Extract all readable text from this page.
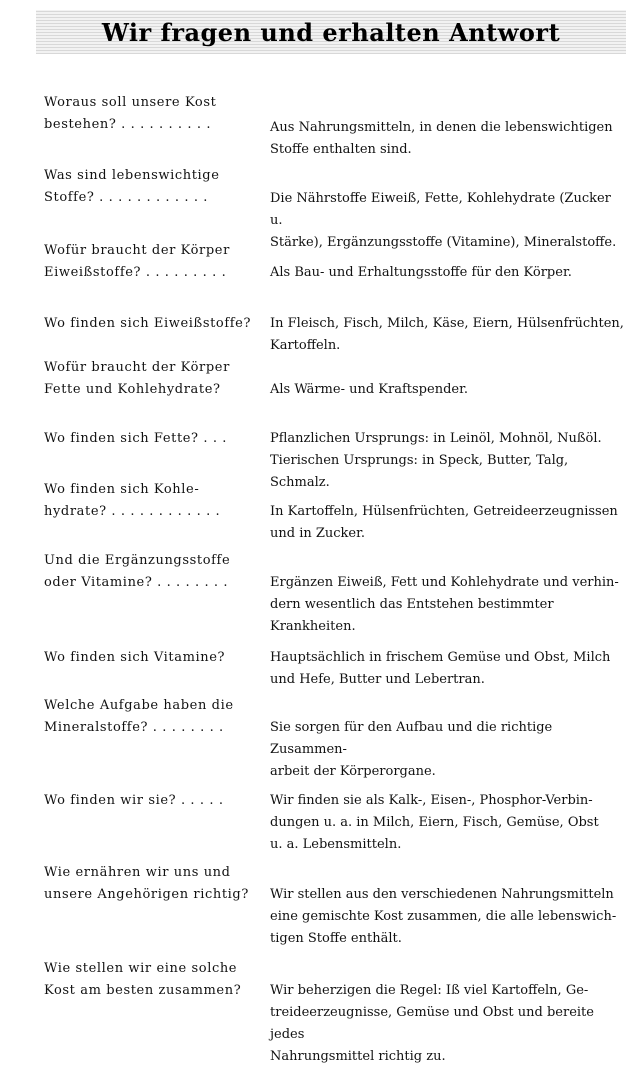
Wir fragen und erhalten Antwort
Woraus soll unsere Kost
bestehen? . . . . . . . . . .	Aus Nahrungsmitteln, in denen die lebenswichtigen
Stoffe enthalten sind.
Was sind lebenswichtige
Stoffe? . . . . . . . . . . . .	Die Nährstoffe Eiweiß, Fette, Kohlehydrate (Zucker u.
Stärke), Ergänzungsstoffe (Vitamine), Mineralstoffe.
Wofür braucht der Körper
Eiweißstoffe? . . . . . . . . .	Als Bau- und Erhaltungsstoffe für den Körper.
Wo finden sich Eiweißstoffe? In Fleisch, Fisch, Milch, Käse, Eiern, Hülsenfrüchten,
Kartoffeln.
Wofür braucht der Körper
Fette und Kohlehydrate?	Als Wärme- und Kraftspender.
Wo finden sich Fette? . . .	Pflanzlichen Ursprungs: in Leinöl, Mohnöl, Nußöl.
Tierischen Ursprungs: in Speck, Butter, Talg, Schmalz.
Wo finden sich Kohle-
hydrate? . . . . . . . . . . . .	In Kartoffeln, Hülsenfrüchten, Getreideerzeugnissen
und in Zucker.
Und die Ergänzungsstoffe
oder Vitamine? . . . . . . . .	Ergänzen Eiweiß, Fett und Kohlehydrate und verhin-
dern wesentlich das Entstehen bestimmter Krankheiten.
Wo finden sich Vitamine?	Hauptsächlich in frischem Gemüse und Obst, Milch
und Hefe, Butter und Lebertran.
Welche Aufgabe haben die
Mineralstoffe? . . . . . . . .	Sie sorgen für den Aufbau und die richtige Zusammen-
arbeit der Körperorgane.
Wo finden wir sie? . . . . .	Wir finden sie als Kalk-, Eisen-, Phosphor-Verbin-
dungen u. a. in Milch, Eiern, Fisch, Gemüse, Obst
u. a. Lebensmitteln.
Wie ernähren wir uns und
unsere Angehörigen richtig? Wir stellen aus den verschiedenen Nahrungsmitteln
eine gemischte Kost zusammen, die alle lebenswich-
tigen Stoffe enthält.
Wie stellen wir eine solche
Kost am besten zusammen?	Wir beherzigen die Regel: Iß viel Kartoffeln, Ge-
treideerzeugnisse, Gemüse und Obst und bereite jedes
Nahrungsmittel richtig zu.
